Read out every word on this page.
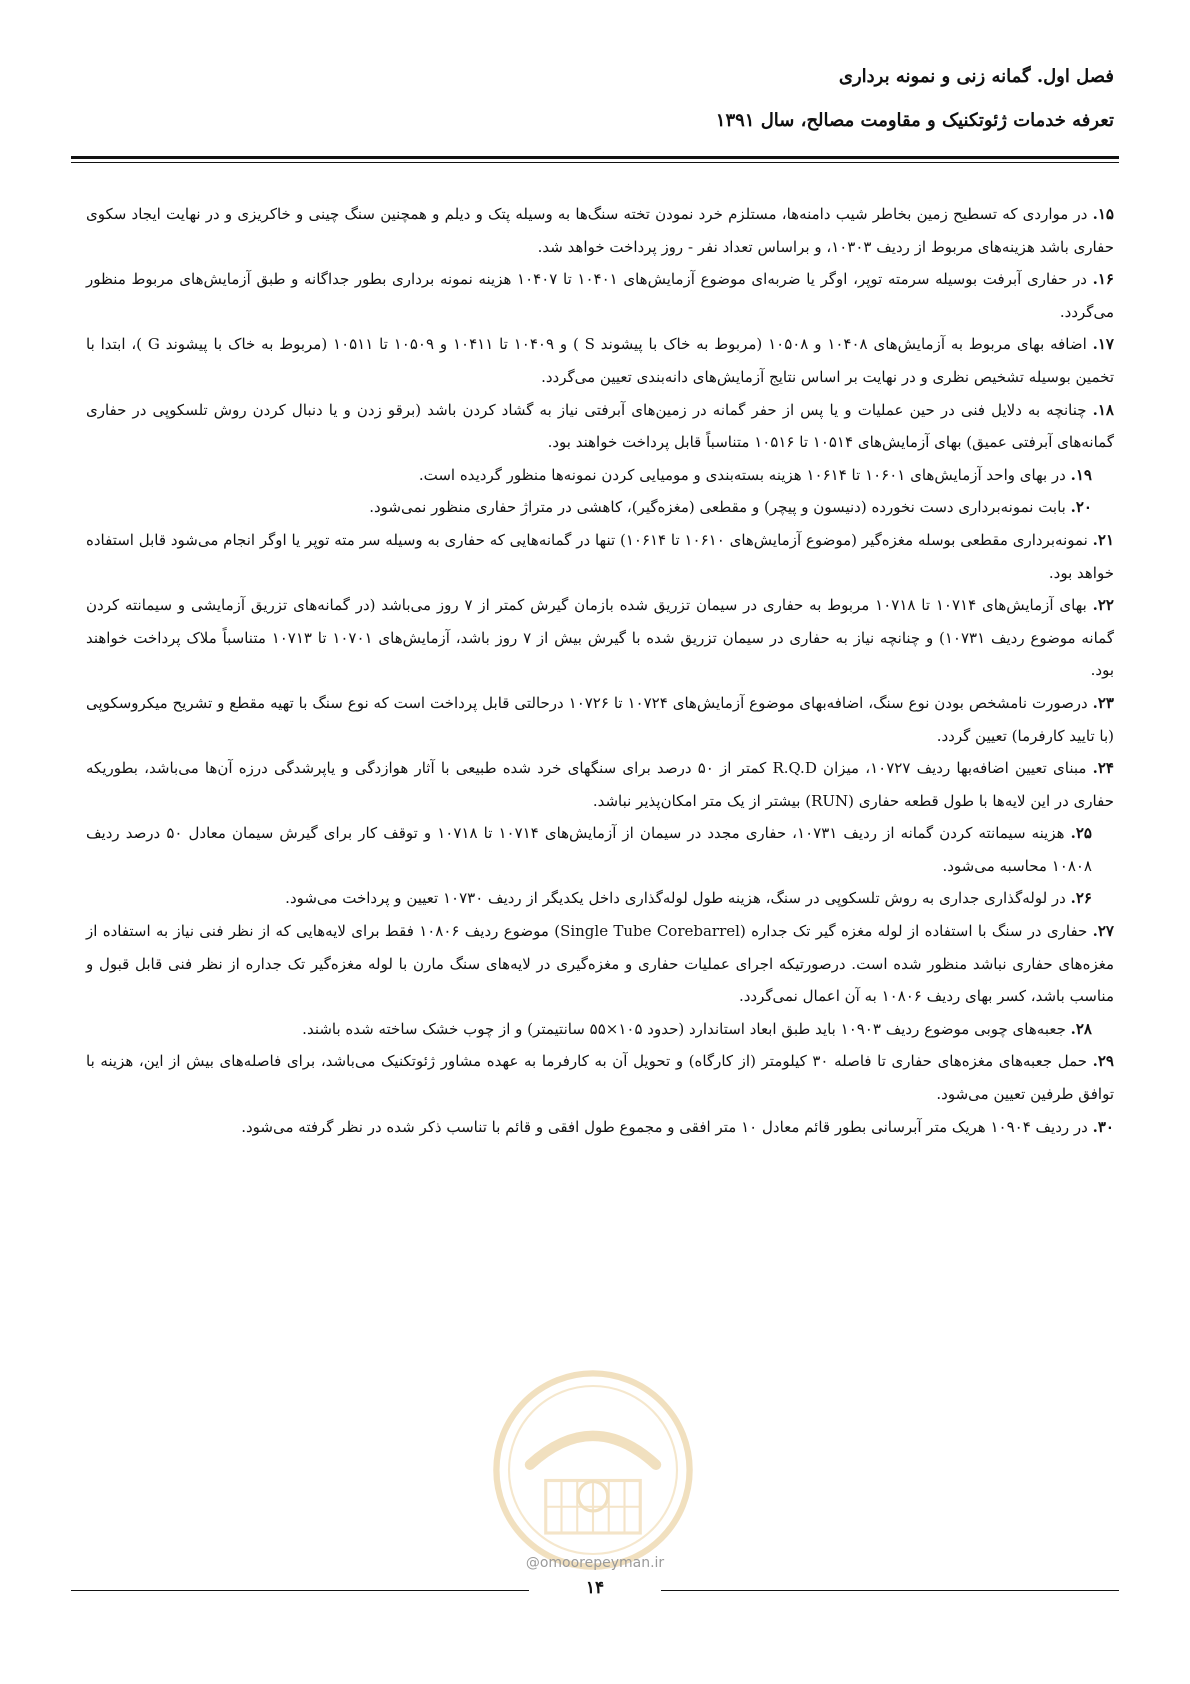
فصل اول. گمانه زنی و نمونه برداری
تعرفه خدمات ژئوتکنیک و مقاومت مصالح، سال ۱۳۹۱

۱۵. در مواردی که تسطیح زمین بخاطر شیب دامنه‌ها، مستلزم خرد نمودن تخته سنگ‌ها به وسیله پتک و دیلم و همچنین سنگ چینی و خاکریزی و در نهایت ایجاد سکوی حفاری باشد هزینه‌های مربوط از ردیف ۱۰۳۰۳، و براساس تعداد نفر - روز پرداخت خواهد شد.

۱۶. در حفاری آبرفت بوسیله سرمته توپر، اوگر یا ضربه‌ای موضوع آزمایش‌های ۱۰۴۰۱ تا ۱۰۴۰۷ هزینه نمونه برداری بطور جداگانه و طبق آزمایش‌های مربوط منظور می‌گردد.

۱۷. اضافه بهای مربوط به آزمایش‌های ۱۰۴۰۸ و ۱۰۵۰۸ (مربوط به خاک با پیشوند S ) و ۱۰۴۰۹ تا ۱۰۴۱۱ و ۱۰۵۰۹ تا ۱۰۵۱۱ (مربوط به خاک با پیشوند G )، ابتدا با تخمین بوسیله تشخیص نظری و در نهایت بر اساس نتایج آزمایش‌های دانه‌بندی تعیین می‌گردد.

۱۸. چنانچه به دلایل فنی در حین عملیات و یا پس از حفر گمانه در زمین‌های آبرفتی نیاز به گشاد کردن باشد (برقو زدن و یا دنبال کردن روش تلسکوپی در حفاری گمانه‌های آبرفتی عمیق) بهای آزمایش‌های ۱۰۵۱۴ تا ۱۰۵۱۶ متناسباً قابل پرداخت خواهند بود.

۱۹. در بهای واحد آزمایش‌های ۱۰۶۰۱ تا ۱۰۶۱۴ هزینه بسته‌بندی و مومیایی کردن نمونه‌ها منظور گردیده است.

۲۰. بابت نمونه‌برداری دست نخورده (دنیسون و پیچر) و مقطعی (مغزه‌گیر)، کاهشی در متراژ حفاری منظور نمی‌شود.

۲۱. نمونه‌برداری مقطعی بوسله مغزه‌گیر (موضوع آزمایش‌های ۱۰۶۱۰ تا ۱۰۶۱۴) تنها در گمانه‌هایی که حفاری به وسیله سر مته توپر یا اوگر انجام می‌شود قابل استفاده خواهد بود.

۲۲. بهای آزمایش‌های ۱۰۷۱۴ تا ۱۰۷۱۸ مربوط به حفاری در سیمان تزریق شده بازمان گیرش کمتر از ۷ روز می‌باشد (در گمانه‌های تزریق آزمایشی و سیمانته کردن گمانه موضوع ردیف ۱۰۷۳۱) و چنانچه نیاز به حفاری در سیمان تزریق شده با گیرش بیش از ۷ روز باشد، آزمایش‌های ۱۰۷۰۱ تا ۱۰۷۱۳ متناسباً ملاک پرداخت خواهند بود.

۲۳. درصورت نامشخص بودن نوع سنگ، اضافه‌بهای موضوع آزمایش‌های ۱۰۷۲۴ تا ۱۰۷۲۶ درحالتی قابل پرداخت است که نوع سنگ با تهیه مقطع و تشریح میکروسکوپی (با تایید کارفرما) تعیین گردد.

۲۴. مبنای تعیین اضافه‌بها ردیف ۱۰۷۲۷، میزان R.Q.D کمتر از ۵۰ درصد برای سنگهای خرد شده طبیعی با آثار هوازدگی و یاپرشدگی درزه آن‌ها می‌باشد، بطوریکه حفاری در این لایه‌ها با طول قطعه حفاری (RUN) بیشتر از یک متر امکان‌پذیر نباشد.

۲۵. هزینه سیمانته کردن گمانه از ردیف ۱۰۷۳۱، حفاری مجدد در سیمان از آزمایش‌های ۱۰۷۱۴ تا ۱۰۷۱۸ و توقف کار برای گیرش سیمان معادل ۵۰ درصد ردیف ۱۰۸۰۸ محاسبه می‌شود.

۲۶. در لوله‌گذاری جداری به روش تلسکوپی در سنگ، هزینه طول لوله‌گذاری داخل یکدیگر از ردیف ۱۰۷۳۰ تعیین و پرداخت می‌شود.

۲۷. حفاری در سنگ با استفاده از لوله مغزه گیر تک جداره (Single Tube Corebarrel) موضوع ردیف ۱۰۸۰۶ فقط برای لایه‌هایی که از نظر فنی نیاز به استفاده از مغزه‌های حفاری نباشد منظور شده است. درصورتیکه اجرای عملیات حفاری و مغزه‌گیری در لایه‌های سنگ مارن با لوله مغزه‌گیر تک جداره از نظر فنی قابل قبول و مناسب باشد، کسر بهای ردیف ۱۰۸۰۶ به آن اعمال نمی‌گردد.

۲۸. جعبه‌های چوبی موضوع ردیف ۱۰۹۰۳ باید طبق ابعاد استاندارد (حدود ۱۰۵×۵۵ سانتیمتر) و از چوب خشک ساخته شده باشند.

۲۹. حمل جعبه‌های مغزه‌های حفاری تا فاصله ۳۰ کیلومتر (از کارگاه) و تحویل آن به کارفرما به عهده مشاور ژئوتکنیک می‌باشد، برای فاصله‌های بیش از این، هزینه با توافق طرفین تعیین می‌شود.

۳۰. در ردیف ۱۰۹۰۴ هریک متر آبرسانی بطور قائم معادل ۱۰ متر افقی و مجموع طول افقی و قائم با تناسب ذکر شده در نظر گرفته می‌شود.

@omoorepeyman.ir
۱۴
